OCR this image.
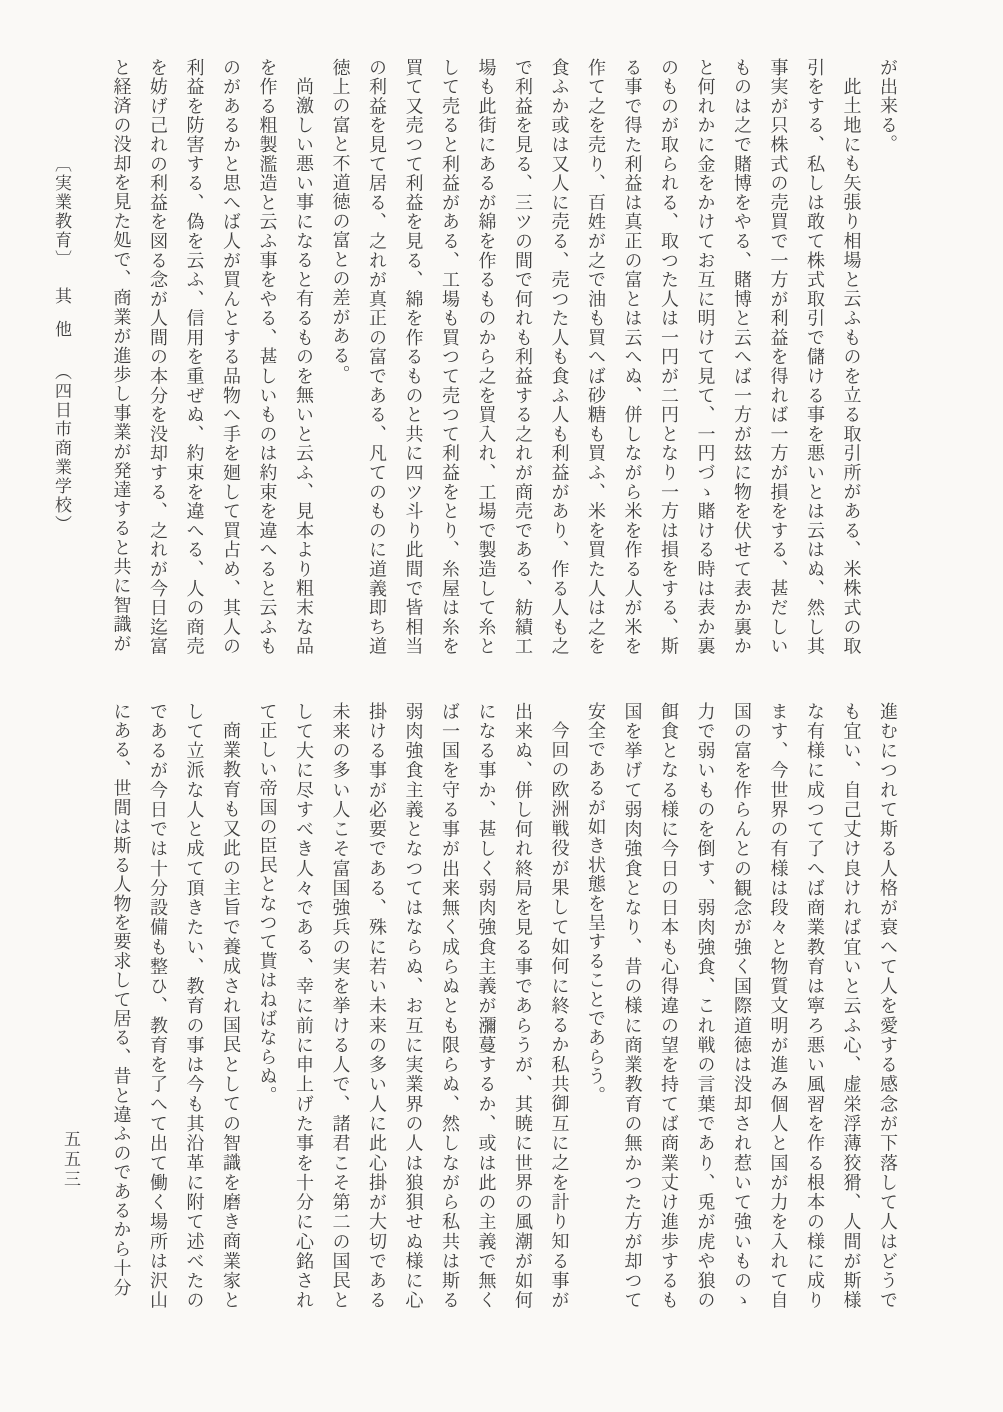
〔実業教育〕其他（四日市商業学校）

が出来る。

此土地にも矢張り相場と云ふものを立る取引所がある、米株式の取引をする、私しは敢て株式取引で儲ける事を悪いとは云はぬ、然し其事実が只株式の売買で一方が利益を得れば一方が損をする、甚だしいものは之で賭博をやる、賭博と云へば一方が玆に物を伏せて表か裏かと何れかに金をかけてお互に明けて見て、一円づゝ賭ける時は表か裏のものが取られる、取つた人は一円が二円となり一方は損をする、斯る事で得た利益は真正の富とは云へぬ、併しながら米を作る人が米を作て之を売り、百姓が之で油も買へば砂糖も買ふ、米を買た人は之を食ふか或は又人に売る、売つた人も食ふ人も利益があり、作る人も之で利益を見る、三ツの間で何れも利益する之れが商売である、紡績工場も此街にあるが綿を作るものから之を買入れ、工場で製造して糸として売ると利益がある、工場も買つて売つて利益をとり、糸屋は糸を買て又売つて利益を見る、綿を作るものと共に四ツ斗り此間で皆相当の利益を見て居る、之れが真正の富である、凡てのものに道義即ち道徳上の富と不道徳の富との差がある。

尚激しい悪い事になると有るものを無いと云ふ、見本より粗末な品を作る粗製濫造と云ふ事をやる、甚しいものは約束を違へると云ふものがあるかと思へば人が買んとする品物へ手を廻して買占め、其人の利益を防害する、偽を云ふ、信用を重ぜぬ、約束を違へる、人の商売を妨げ己れの利益を図る念が人間の本分を没却する、之れが今日迄富と経済の没却を見た処で、商業が進歩し事業が発達すると共に智識が

進むにつれて斯る人格が衰へて人を愛する感念が下落して人はどうでも宜い、自己丈け良ければ宜いと云ふ心、虚栄浮薄狡猾、人間が斯様な有様に成つて了へば商業教育は寧ろ悪い風習を作る根本の様に成ります、今世界の有様は段々と物質文明が進み個人と国が力を入れて自国の富を作らんとの観念が強く国際道徳は没却され惹いて強いものゝ力で弱いものを倒す、弱肉強食、これ戦の言葉であり、兎が虎や狼の餌食となる様に今日の日本も心得違の望を持てば商業丈け進歩するも国を挙げて弱肉強食となり、昔の様に商業教育の無かつた方が却つて安全であるが如き状態を呈することであらう。

今回の欧洲戦役が果して如何に終るか私共御互に之を計り知る事が出来ぬ、併し何れ終局を見る事であらうが、其暁に世界の風潮が如何になる事か、甚しく弱肉強食主義が瀰蔓するか、或は此の主義で無くば一国を守る事が出来無く成らぬとも限らぬ、然しながら私共は斯る弱肉強食主義となつてはならぬ、お互に実業界の人は狼狽せぬ様に心掛ける事が必要である、殊に若い未来の多い人に此心掛が大切である未来の多い人こそ富国強兵の実を挙ける人で、諸君こそ第二の国民として大に尽すべき人々である、幸に前に申上げた事を十分に心銘されて正しい帝国の臣民となつて貰はねばならぬ。

商業教育も又此の主旨で養成され国民としての智識を磨き商業家として立派な人と成て頂きたい、教育の事は今も其沿革に附て述べたのであるが今日では十分設備も整ひ、教育を了へて出て働く場所は沢山にある、世間は斯る人物を要求して居る、昔と違ふのであるから十分

五五三
